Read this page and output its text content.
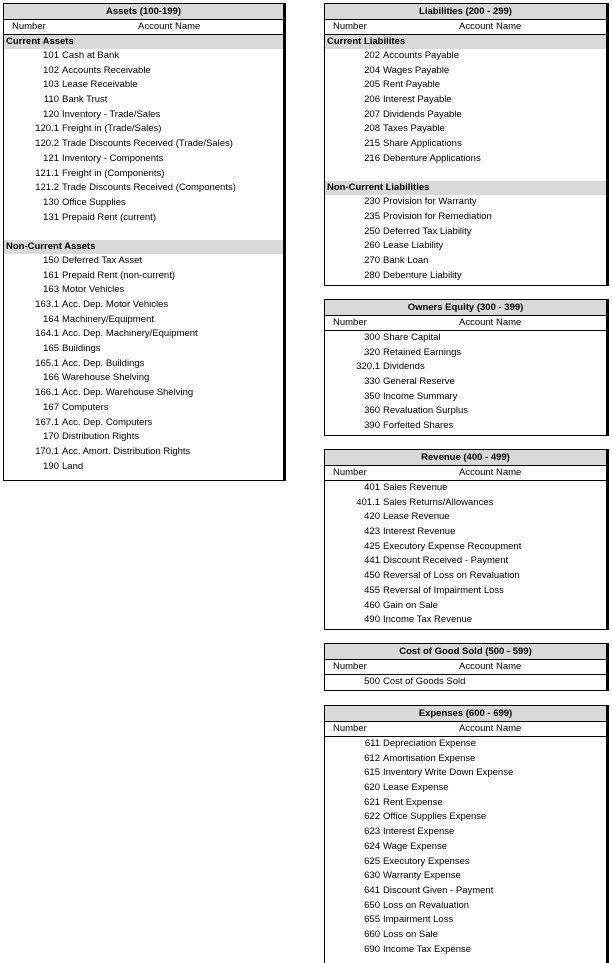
Assets (100-199)
Number	Account Name
Current Assets
101 Cash at Bank
102 Accounts Receivable
103 Lease Receivable
110 Bank Trust
120 Inventory - Trade/Sales
120.1 Freight in (Trade/Sales)
120.2 Trade Discounts Received (Trade/Sales)
121 Inventory - Components
121.1 Freight in (Components)
121.2 Trade Discounts Received (Components)
130 Office Supplies
131 Prepaid Rent (current)
Non-Current Assets
150 Deferred Tax Asset
161 Prepaid Rent (non-current)
163 Motor Vehicles
163.1 Acc. Dep. Motor Vehicles
164 Machinery/Equipment
164.1 Acc. Dep. Machinery/Equipment
165 Buildings
165.1 Acc. Dep. Buildings
166 Warehouse Shelving
166.1 Acc. Dep. Warehouse Shelving
167 Computers
167.1 Acc. Dep. Computers
170 Distribution Rights
170.1 Acc. Amort. Distribution Rights
190 Land
Liabilities (200 - 299)
Number	Account Name
Current Liabilites
202 Accounts Payable
204 Wages Payable
205 Rent Payable
206 Interest Payable
207 Dividends Payable
208 Taxes Payable
215 Share Applications
216 Debenture Applications
Non-Current Liabilities
230 Provision for Warranty
235 Provision for Remediation
250 Deferred Tax Liability
260 Lease Liability
270 Bank Loan
280 Debenture Liability
Owners Equity (300 - 399)
Number	Account Name
300 Share Capital
320 Retained Earnings
320.1 Dividends
330 General Reserve
350 Income Summary
360 Revaluation Surplus
390 Forfeited Shares
Revenue (400 - 499)
Number	Account Name
401 Sales Revenue
401.1 Sales Returns/Allowances
420 Lease Revenue
423 Interest Revenue
425 Executory Expense Recoupment
441 Discount Received - Payment
450 Reversal of Loss on Revaluation
455 Reversal of Impairment Loss
460 Gain on Sale
490 Income Tax Revenue
Cost of Good Sold (500 - 599)
Number	Account Name
500 Cost of Goods Sold
Expenses (600 - 699)
Number	Account Name
611 Depreciation Expense
612 Amortisation Expense
615 Inventory Write Down Expense
620 Lease Expense
621 Rent Expense
622 Office Supplies Expense
623 Interest Expense
624 Wage Expense
625 Executory Expenses
630 Warranty Expense
641 Discount Given - Payment
650 Loss on Revaluation
655 Impairment Loss
660 Loss on Sale
690 Income Tax Expense
